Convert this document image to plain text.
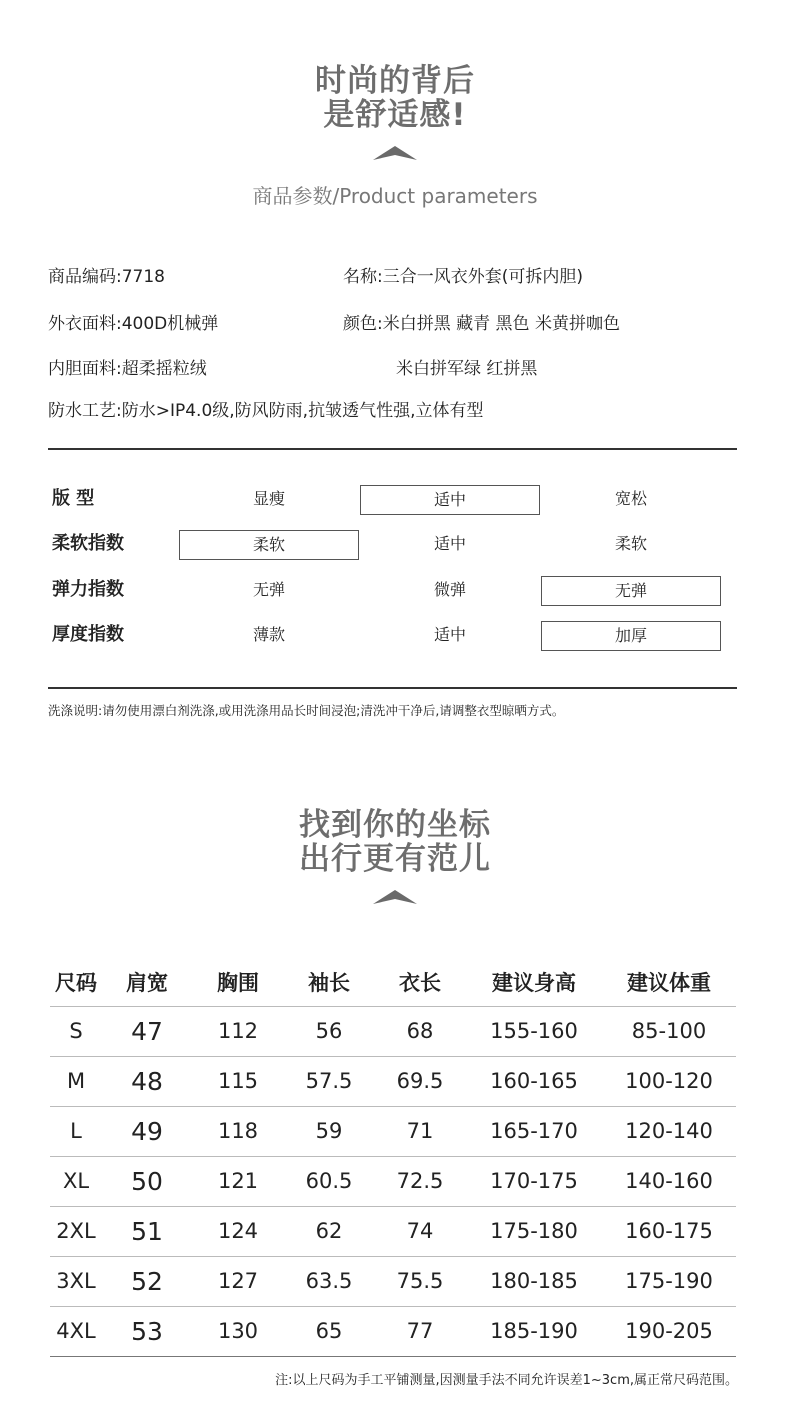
时尚的背后
是舒适感!
商品参数/Product parameters
商品编码:7718	名称:三合一风衣外套(可拆内胆)
外衣面料:400D机械弹	颜色:米白拼黑 藏青 黑色 米黄拼咖色
内胆面料:超柔摇粒绒	米白拼军绿 红拼黑
防水工艺:防水>IP4.0级,防风防雨,抗皱透气性强,立体有型
版 型	显瘦	适中	宽松
柔软指数	柔软	适中	柔软
弹力指数	无弹	微弹	无弹
厚度指数	薄款	适中	加厚
洗涤说明:请勿使用漂白剂洗涤,或用洗涤用品长时间浸泡;清洗冲干净后,请调整衣型晾晒方式。
找到你的坐标
出行更有范儿
尺码	肩宽	胸围	袖长	衣长	建议身高	建议体重
S	47	112	56	68	155-160	85-100
M	48	115	57.5	69.5	160-165	100-120
L	49	118	59	71	165-170	120-140
XL	50	121	60.5	72.5	170-175	140-160
2XL	51	124	62	74	175-180	160-175
3XL	52	127	63.5	75.5	180-185	175-190
4XL	53	130	65	77	185-190	190-205
注:以上尺码为手工平铺测量,因测量手法不同允许误差1~3cm,属正常尺码范围。
